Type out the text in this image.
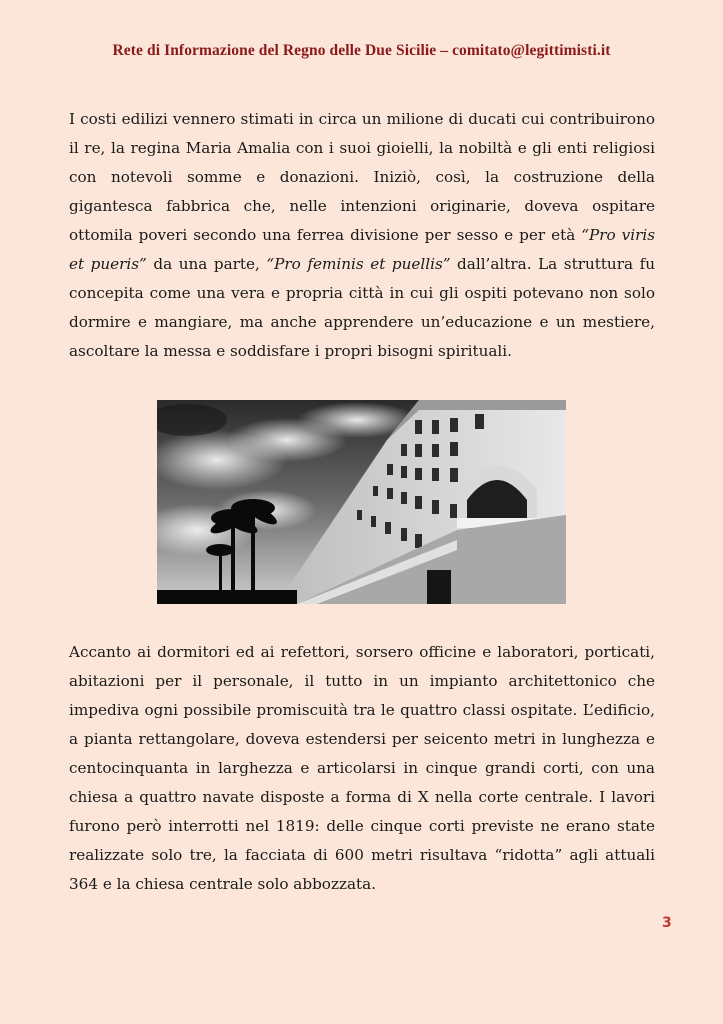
Rete di Informazione del Regno delle Due Sicilie – comitato@legittimisti.it

I costi edilizi vennero stimati in circa un milione di ducati cui contribuirono il re, la regina Maria Amalia con i suoi gioielli, la nobiltà e gli enti religiosi con notevoli somme e donazioni. Iniziò, così, la costruzione della gigantesca fabbrica che, nelle intenzioni originarie, doveva ospitare ottomila poveri secondo una ferrea divisione per sesso e per età “Pro viris et pueris” da una parte, “Pro feminis et puellis” dall’altra. La struttura fu concepita come una vera e propria città in cui gli ospiti potevano non solo dormire e mangiare, ma anche apprendere un’educazione e un mestiere, ascoltare la messa e soddisfare i propri bisogni spirituali.

Accanto ai dormitori ed ai refettori, sorsero officine e laboratori, porticati, abitazioni per il personale, il tutto in un impianto architettonico che impediva ogni possibile promiscuità tra le quattro classi ospitate. L’edificio, a pianta rettangolare, doveva estendersi per seicento metri in lunghezza e centocinquanta in larghezza e articolarsi in cinque grandi corti, con una chiesa a quattro navate disposte a forma di X nella corte centrale. I lavori furono però interrotti nel 1819: delle cinque corti previste ne erano state realizzate solo tre, la facciata di 600 metri risultava “ridotta” agli attuali 364 e la chiesa centrale solo abbozzata.

3
